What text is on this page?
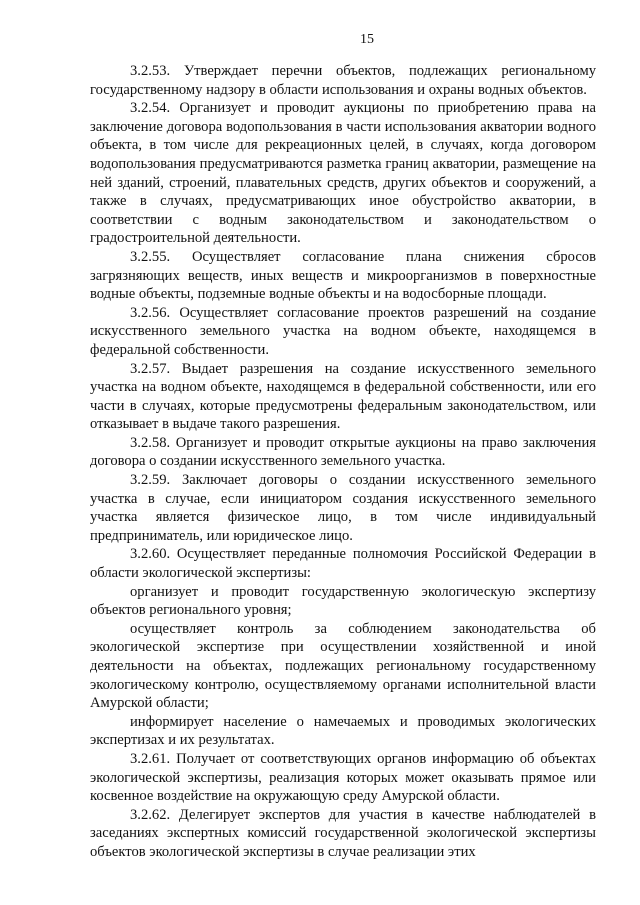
15

3.2.53. Утверждает перечни объектов, подлежащих региональному государственному надзору в области использования и охраны водных объектов.

3.2.54. Организует и проводит аукционы по приобретению права на заключение договора водопользования в части использования акватории водного объекта, в том числе для рекреационных целей, в случаях, когда договором водопользования предусматриваются разметка границ акватории, размещение на ней зданий, строений, плавательных средств, других объектов и сооружений, а также в случаях, предусматривающих иное обустройство акватории, в соответствии с водным законодательством и законодательством о градостроительной деятельности.

3.2.55. Осуществляет согласование плана снижения сбросов загрязняющих веществ, иных веществ и микроорганизмов в поверхностные водные объекты, подземные водные объекты и на водосборные площади.

3.2.56. Осуществляет согласование проектов разрешений на создание искусственного земельного участка на водном объекте, находящемся в федеральной собственности.

3.2.57. Выдает разрешения на создание искусственного земельного участка на водном объекте, находящемся в федеральной собственности, или его части в случаях, которые предусмотрены федеральным законодательством, или отказывает в выдаче такого разрешения.

3.2.58. Организует и проводит открытые аукционы на право заключения договора о создании искусственного земельного участка.

3.2.59. Заключает договоры о создании искусственного земельного участка в случае, если инициатором создания искусственного земельного участка является физическое лицо, в том числе индивидуальный предприниматель, или юридическое лицо.

3.2.60. Осуществляет переданные полномочия Российской Федерации в области экологической экспертизы:

организует и проводит государственную экологическую экспертизу объектов регионального уровня;

осуществляет контроль за соблюдением законодательства об экологической экспертизе при осуществлении хозяйственной и иной деятельности на объектах, подлежащих региональному государственному экологическому контролю, осуществляемому органами исполнительной власти Амурской области;

информирует население о намечаемых и проводимых экологических экспертизах и их результатах.

3.2.61. Получает от соответствующих органов информацию об объектах экологической экспертизы, реализация которых может оказывать прямое или косвенное воздействие на окружающую среду Амурской области.

3.2.62. Делегирует экспертов для участия в качестве наблюдателей в заседаниях экспертных комиссий государственной экологической экспертизы объектов экологической экспертизы в случае реализации этих
